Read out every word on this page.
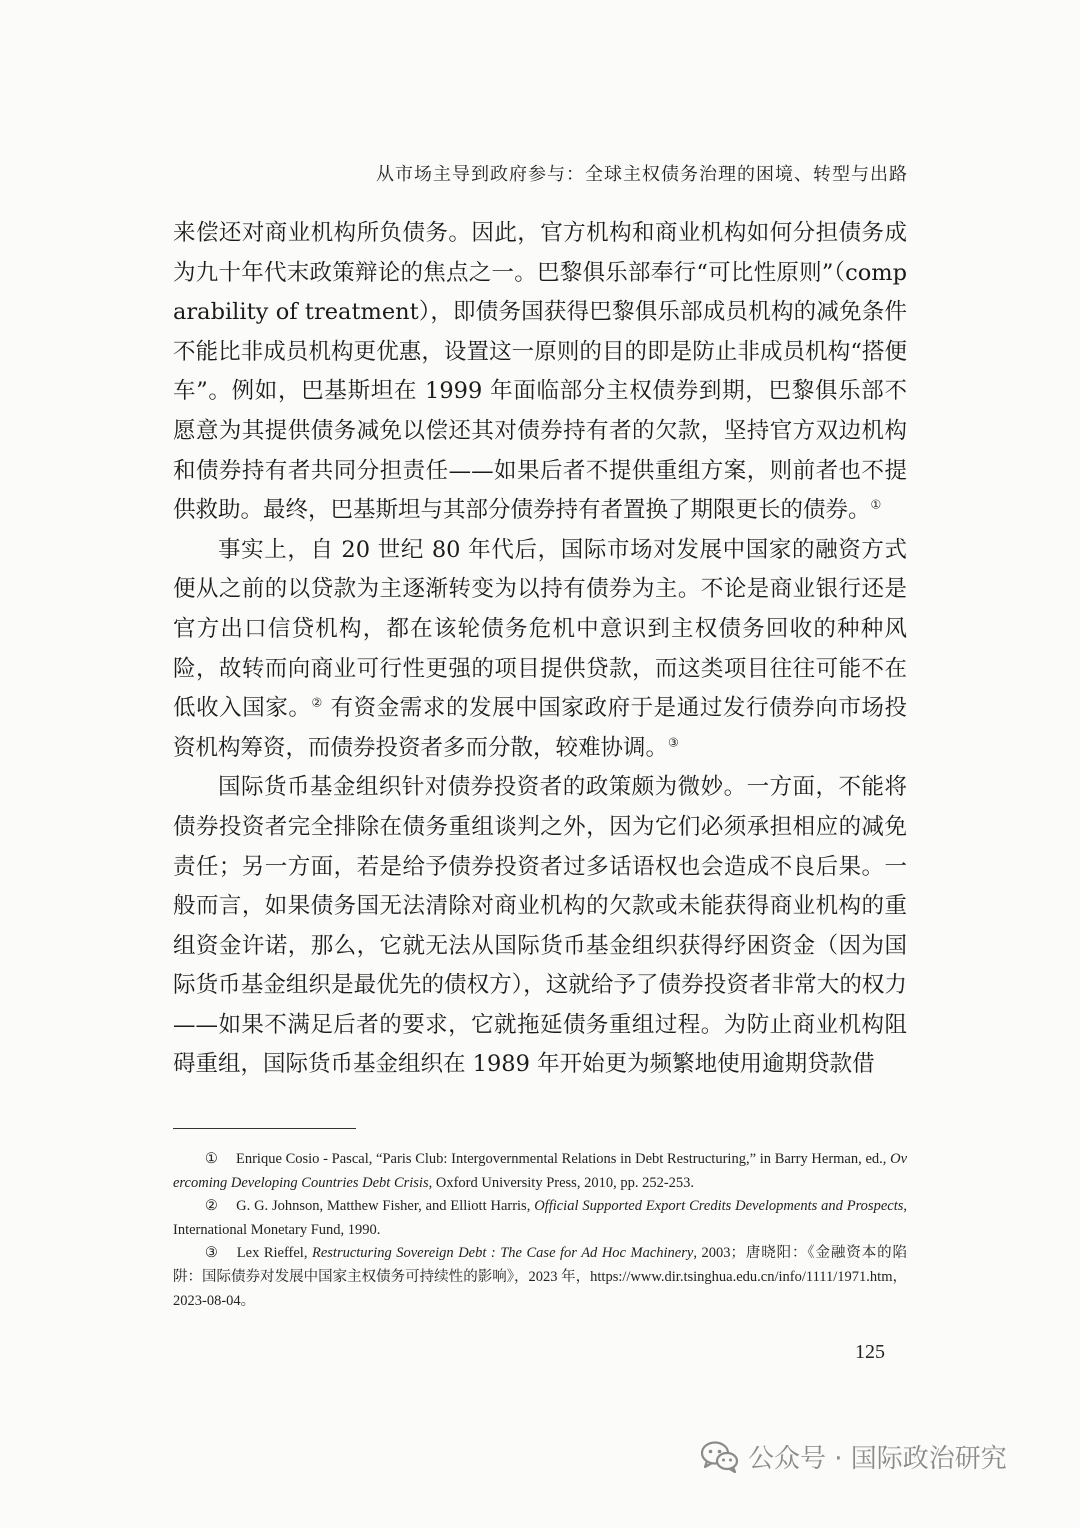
从市场主导到政府参与：全球主权债务治理的困境、转型与出路

来偿还对商业机构所负债务。因此，官方机构和商业机构如何分担债务成为九十年代末政策辩论的焦点之一。巴黎俱乐部奉行“可比性原则”（comparability of treatment），即债务国获得巴黎俱乐部成员机构的减免条件不能比非成员机构更优惠，设置这一原则的目的即是防止非成员机构“搭便车”。例如，巴基斯坦在 1999 年面临部分主权债券到期，巴黎俱乐部不愿意为其提供债务减免以偿还其对债券持有者的欠款，坚持官方双边机构和债券持有者共同分担责任——如果后者不提供重组方案，则前者也不提供救助。最终，巴基斯坦与其部分债券持有者置换了期限更长的债券。①

事实上，自 20 世纪 80 年代后，国际市场对发展中国家的融资方式便从之前的以贷款为主逐渐转变为以持有债券为主。不论是商业银行还是官方出口信贷机构，都在该轮债务危机中意识到主权债务回收的种种风险，故转而向商业可行性更强的项目提供贷款，而这类项目往往可能不在低收入国家。② 有资金需求的发展中国家政府于是通过发行债券向市场投资机构筹资，而债券投资者多而分散，较难协调。③

国际货币基金组织针对债券投资者的政策颇为微妙。一方面，不能将债券投资者完全排除在债务重组谈判之外，因为它们必须承担相应的减免责任；另一方面，若是给予债券投资者过多话语权也会造成不良后果。一般而言，如果债务国无法清除对商业机构的欠款或未能获得商业机构的重组资金许诺，那么，它就无法从国际货币基金组织获得纾困资金（因为国际货币基金组织是最优先的债权方），这就给予了债券投资者非常大的权力——如果不满足后者的要求，它就拖延债务重组过程。为防止商业机构阻碍重组，国际货币基金组织在 1989 年开始更为频繁地使用逾期贷款借

① Enrique Cosio - Pascal, “Paris Club: Intergovernmental Relations in Debt Restructuring,” in Barry Herman, ed., Overcoming Developing Countries Debt Crisis, Oxford University Press, 2010, pp. 252-253.

② G. G. Johnson, Matthew Fisher, and Elliott Harris, Official Supported Export Credits Developments and Prospects, International Monetary Fund, 1990.

③ Lex Rieffel, Restructuring Sovereign Debt : The Case for Ad Hoc Machinery, 2003；唐晓阳：《金融资本的陷阱：国际债券对发展中国家主权债务可持续性的影响》，2023 年，https://www.dir.tsinghua.edu.cn/info/1111/1971.htm，2023-08-04。

125
公众号 · 国际政治研究
